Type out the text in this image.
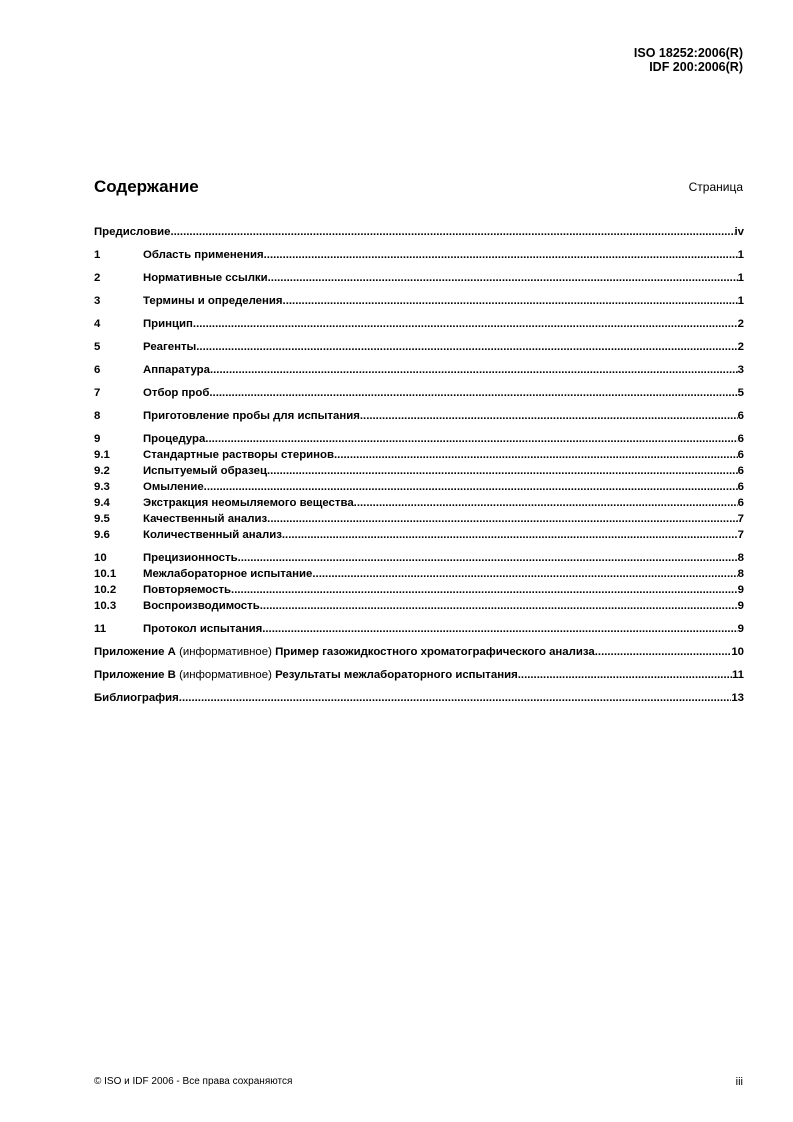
ISO 18252:2006(R)
IDF 200:2006(R)
Содержание	Страница
Предисловие .....	iv
1	Область применения .....	1
2	Нормативные ссылки .....	1
3	Термины и определения .....	1
4	Принцип .....	2
5	Реагенты .....	2
6	Аппаратура .....	3
7	Отбор проб .....	5
8	Приготовление пробы для испытания .....	6
9	Процедура .....	6
9.1	Стандартные растворы стеринов .....	6
9.2	Испытуемый образец .....	6
9.3	Омыление .....	6
9.4	Экстракция неомыляемого вещества .....	6
9.5	Качественный анализ .....	7
9.6	Количественный анализ .....	7
10	Прецизионность .....	8
10.1	Межлабораторное испытание .....	8
10.2	Повторяемость .....	9
10.3	Воспроизводимость .....	9
11	Протокол испытания .....	9
Приложение А (информативное) Пример газожидкостного хроматографического анализа .....	10
Приложение В (информативное) Результаты межлабораторного испытания .....	11
Библиография .....	13
© ISO и IDF 2006 - Все права сохраняются	iii
